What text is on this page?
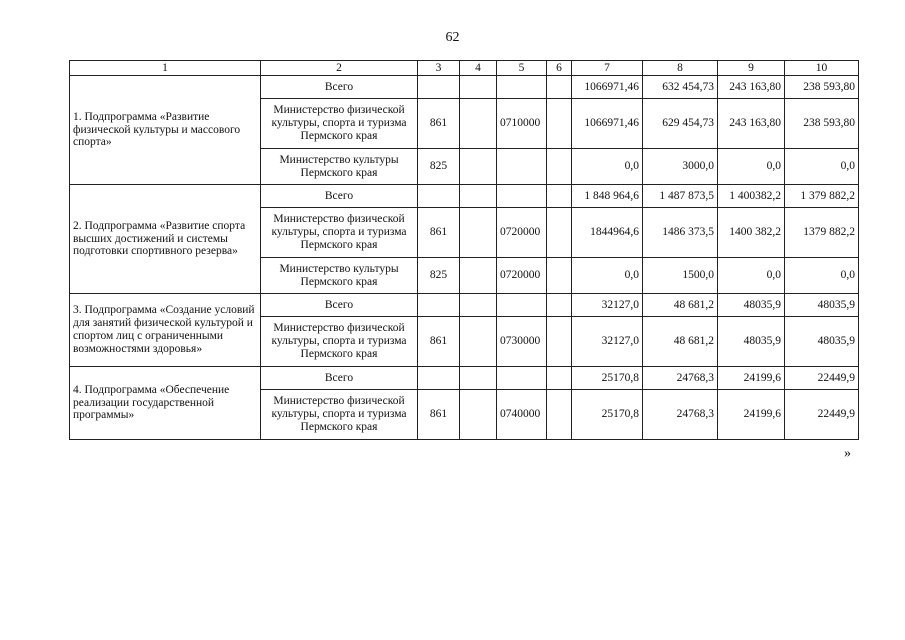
62
1	2	3	4	5	6	7	8	9	10
1. Подпрограмма «Развитие физической культуры и массового спорта»	Всего					1066971,46	632 454,73	243 163,80	238 593,80
	Министерство физической культуры, спорта и туризма Пермского края	861		0710000		1066971,46	629 454,73	243 163,80	238 593,80
	Министерство культуры Пермского края	825				0,0	3000,0	0,0	0,0
2. Подпрограмма «Развитие спорта высших достижений и системы подготовки спортивного резерва»	Всего					1 848 964,6	1 487 873,5	1 400382,2	1 379 882,2
	Министерство физической культуры, спорта и туризма Пермского края	861		0720000		1844964,6	1486 373,5	1400 382,2	1379 882,2
	Министерство культуры Пермского края	825		0720000		0,0	1500,0	0,0	0,0
3. Подпрограмма «Создание условий для занятий физической культурой и спортом лиц с ограниченными возможностями здоровья»	Всего					32127,0	48 681,2	48035,9	48035,9
	Министерство физической культуры, спорта и туризма Пермского края	861		0730000		32127,0	48 681,2	48035,9	48035,9
4. Подпрограмма «Обеспечение реализации государственной программы»	Всего					25170,8	24768,3	24199,6	22449,9
	Министерство физической культуры, спорта и туризма Пермского края	861		0740000		25170,8	24768,3	24199,6	22449,9
»
